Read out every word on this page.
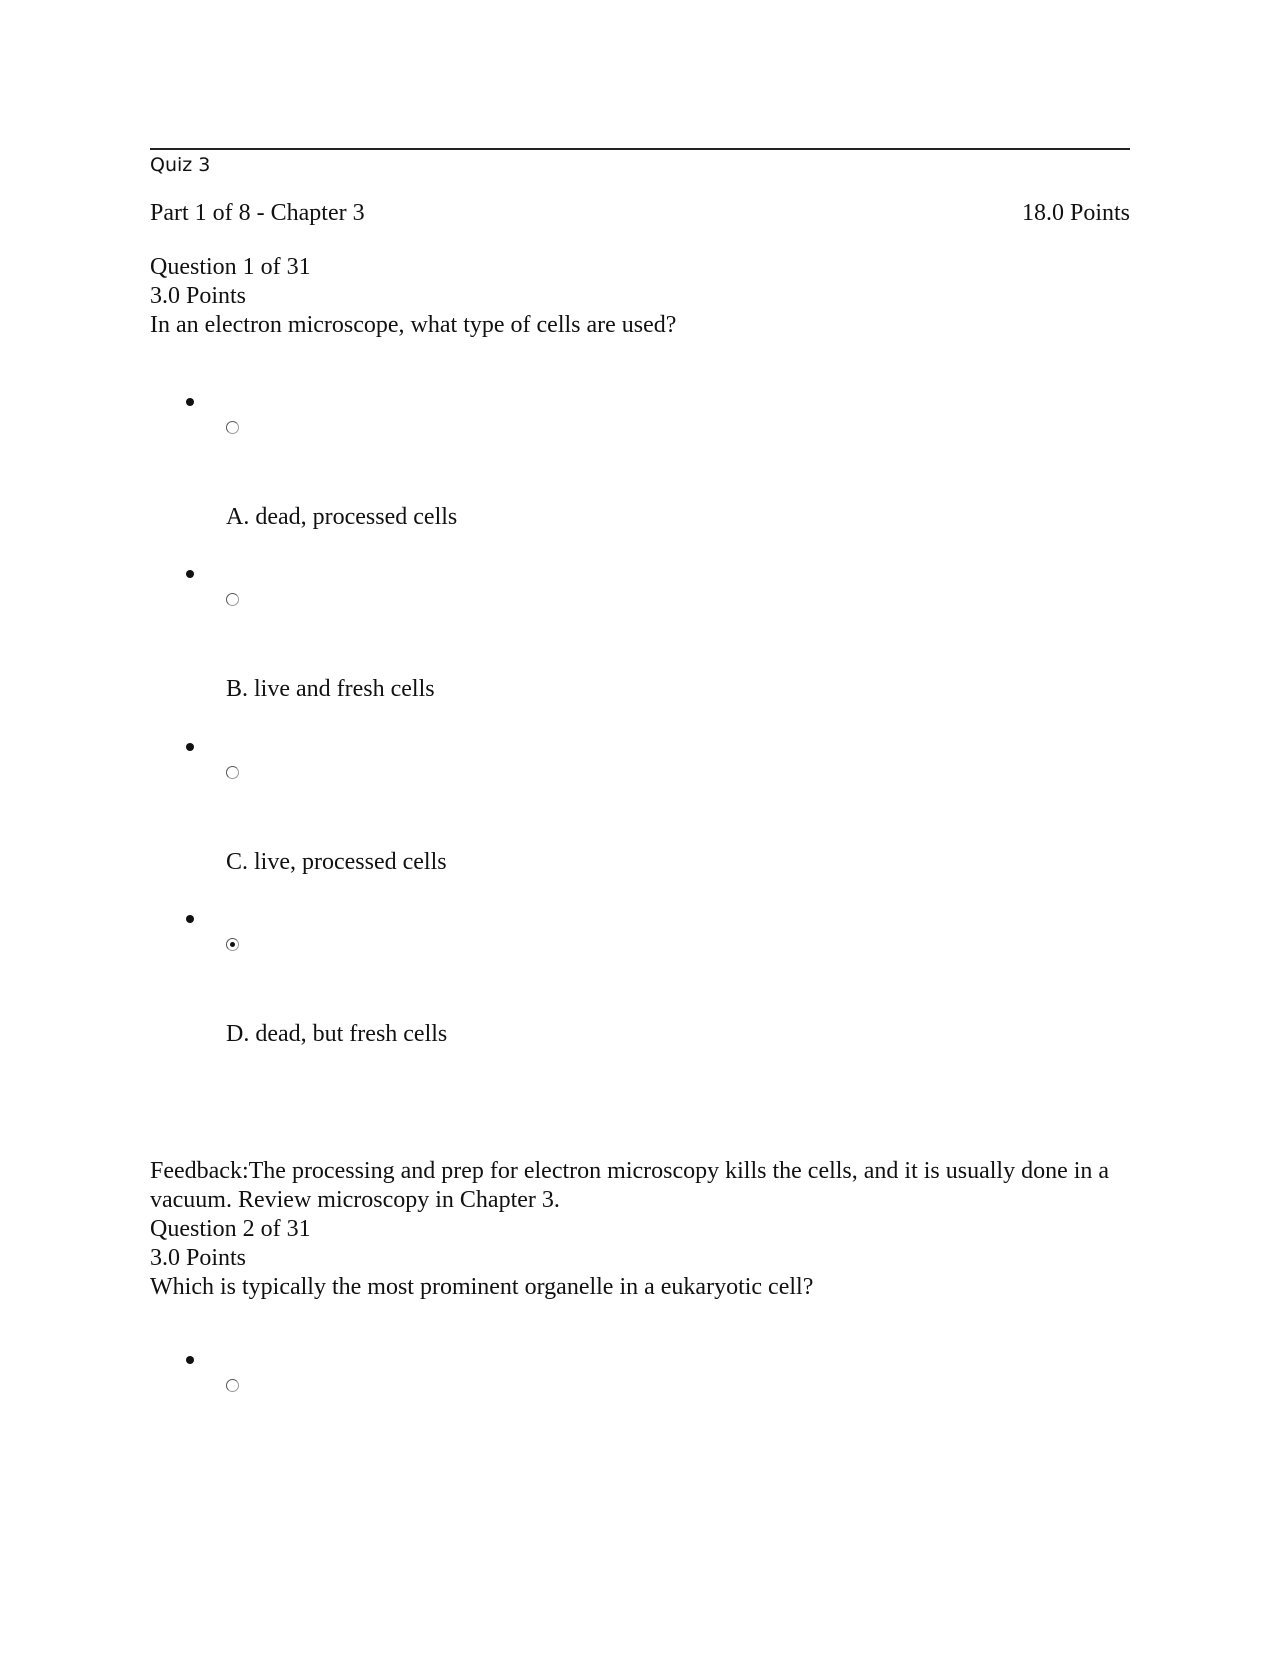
Quiz 3
Part 1 of 8 - Chapter 3	18.0 Points
Question 1 of 31
3.0 Points
In an electron microscope, what type of cells are used?
A. dead, processed cells
B. live and fresh cells
C. live, processed cells
D. dead, but fresh cells
Feedback:The processing and prep for electron microscopy kills the cells, and it is usually done in a vacuum. Review microscopy in Chapter 3.
Question 2 of 31
3.0 Points
Which is typically the most prominent organelle in a eukaryotic cell?
